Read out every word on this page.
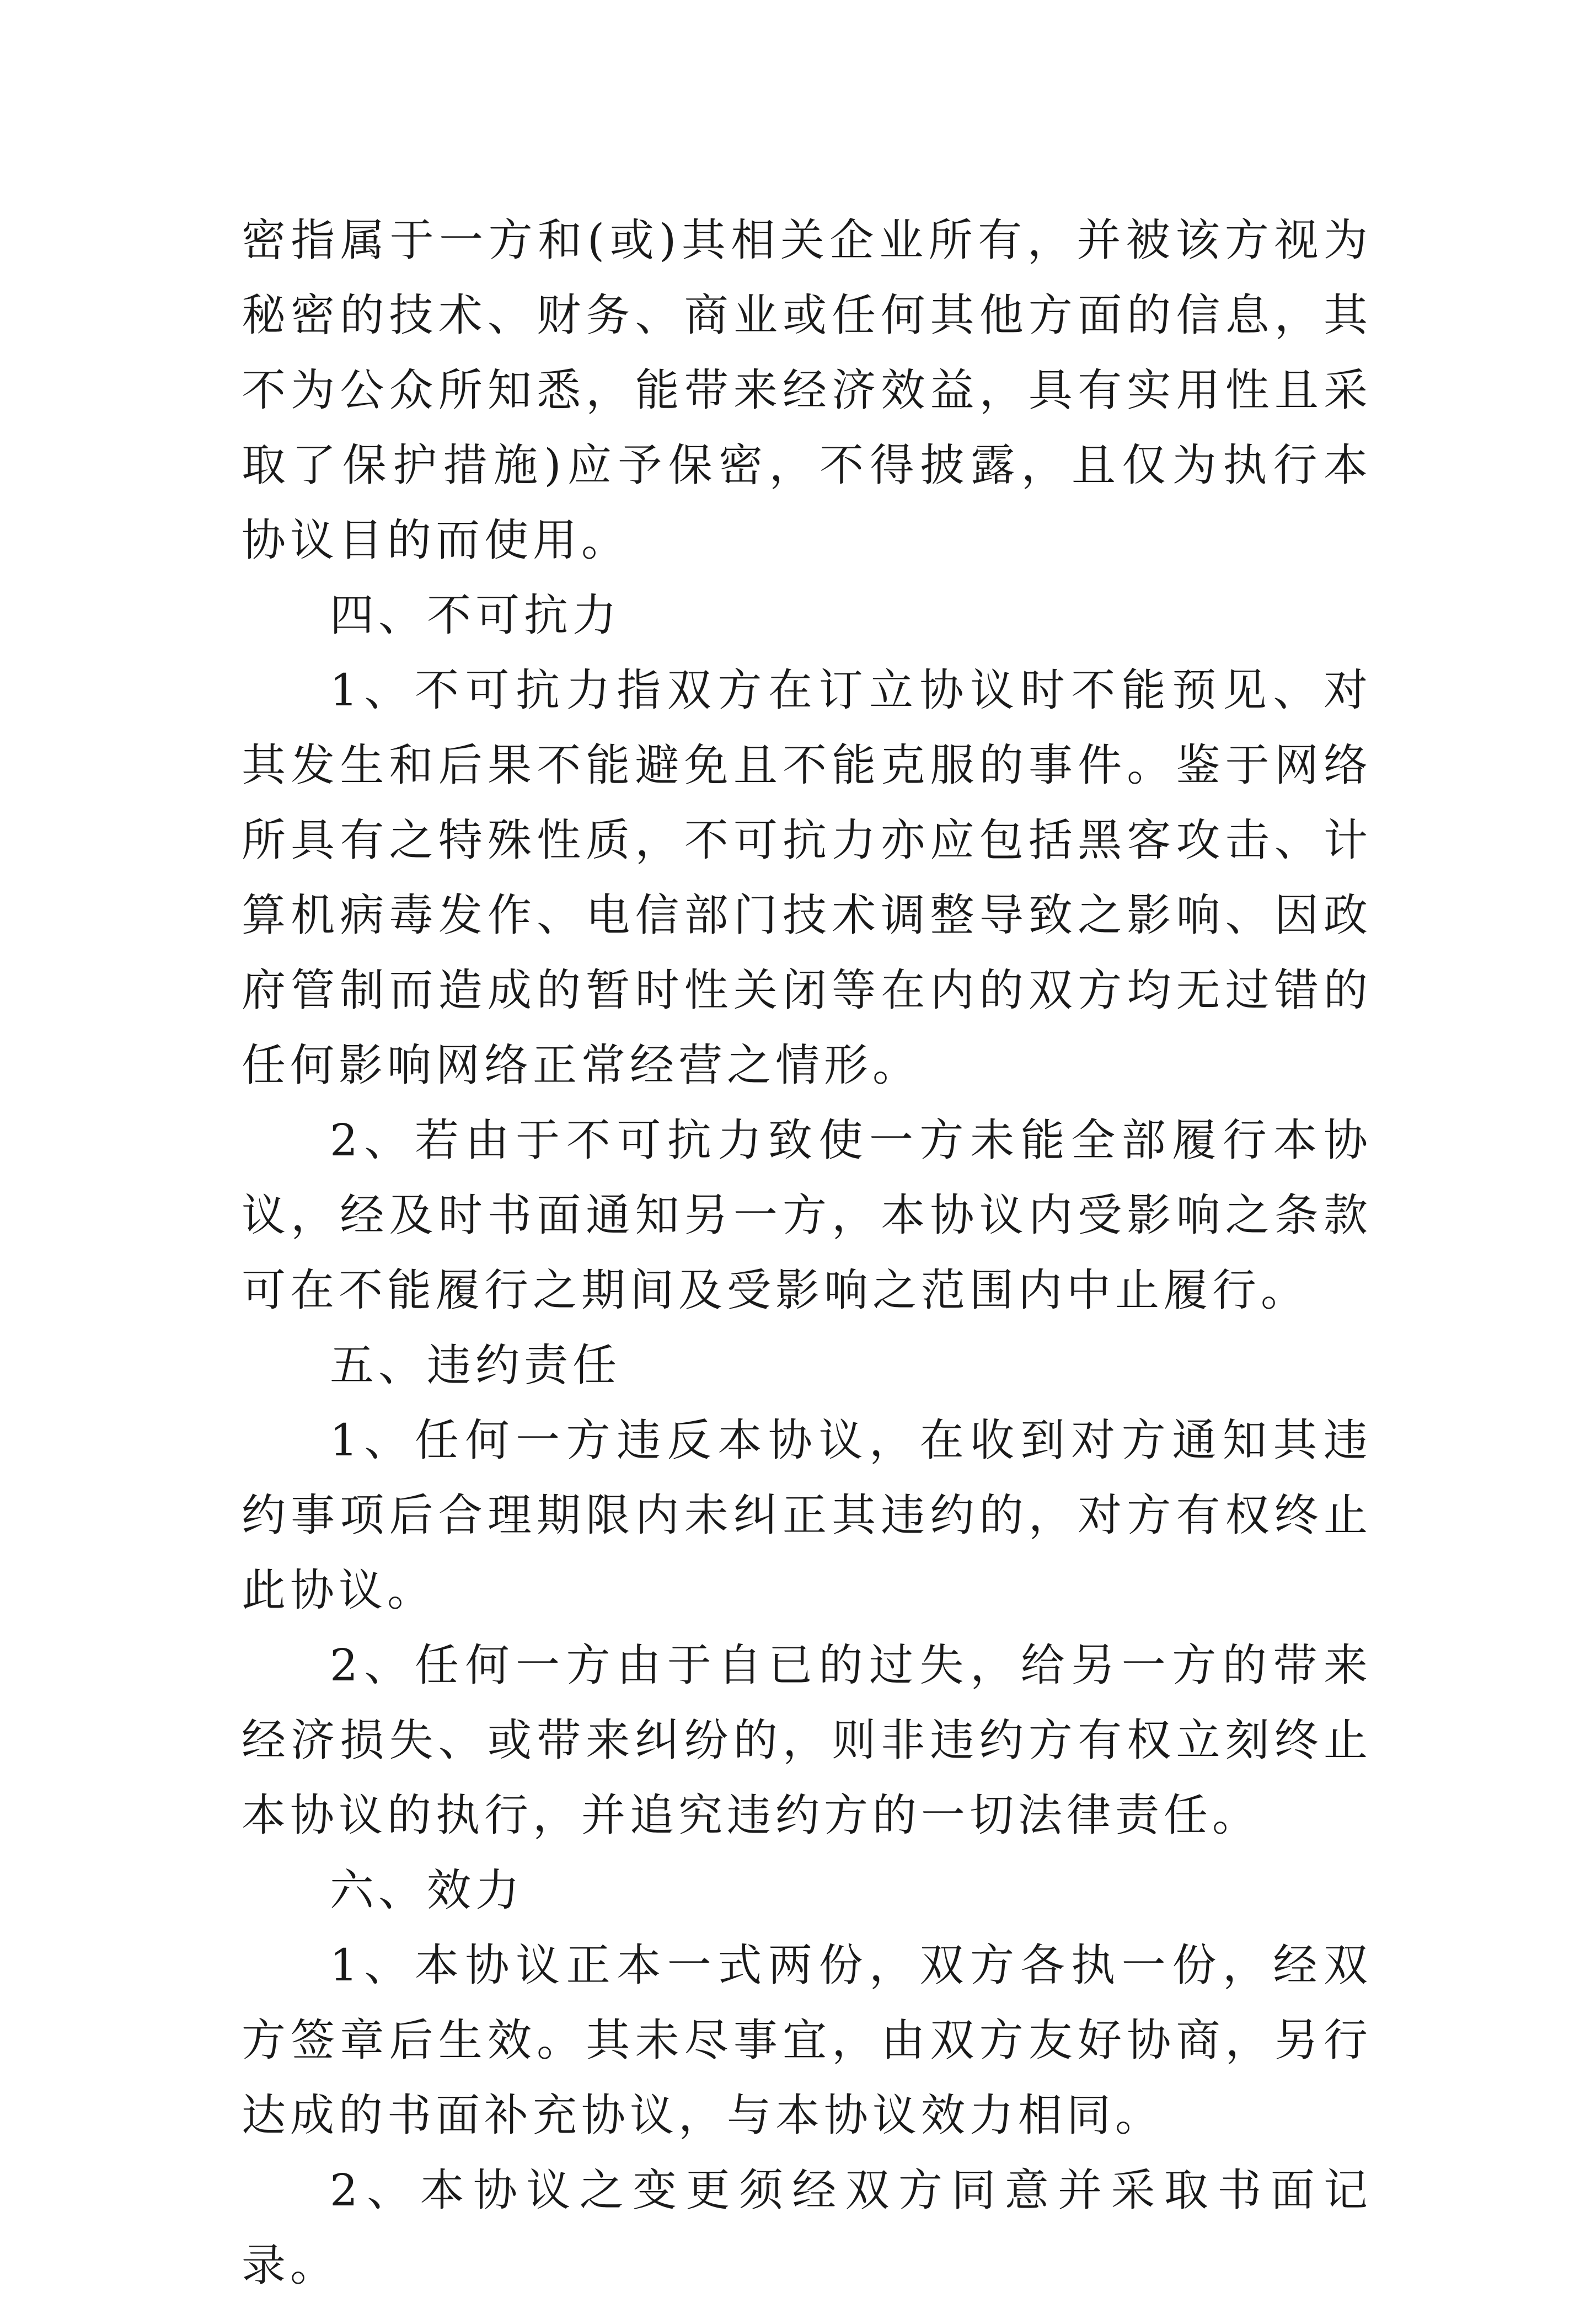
密指属于一方和(或)其相关企业所有，并被该方视为秘密的技术、财务、商业或任何其他方面的信息，其不为公众所知悉，能带来经济效益，具有实用性且采取了保护措施)应予保密，不得披露，且仅为执行本协议目的而使用。

四、不可抗力

1、不可抗力指双方在订立协议时不能预见、对其发生和后果不能避免且不能克服的事件。鉴于网络所具有之特殊性质，不可抗力亦应包括黑客攻击、计算机病毒发作、电信部门技术调整导致之影响、因政府管制而造成的暂时性关闭等在内的双方均无过错的任何影响网络正常经营之情形。

2、若由于不可抗力致使一方未能全部履行本协议，经及时书面通知另一方，本协议内受影响之条款可在不能履行之期间及受影响之范围内中止履行。

五、违约责任

1、任何一方违反本协议，在收到对方通知其违约事项后合理期限内未纠正其违约的，对方有权终止此协议。

2、任何一方由于自已的过失，给另一方的带来经济损失、或带来纠纷的，则非违约方有权立刻终止本协议的执行，并追究违约方的一切法律责任。

六、效力

1、本协议正本一式两份，双方各执一份，经双方签章后生效。其未尽事宜，由双方友好协商，另行达成的书面补充协议，与本协议效力相同。

2、本协议之变更须经双方同意并采取书面记录。
